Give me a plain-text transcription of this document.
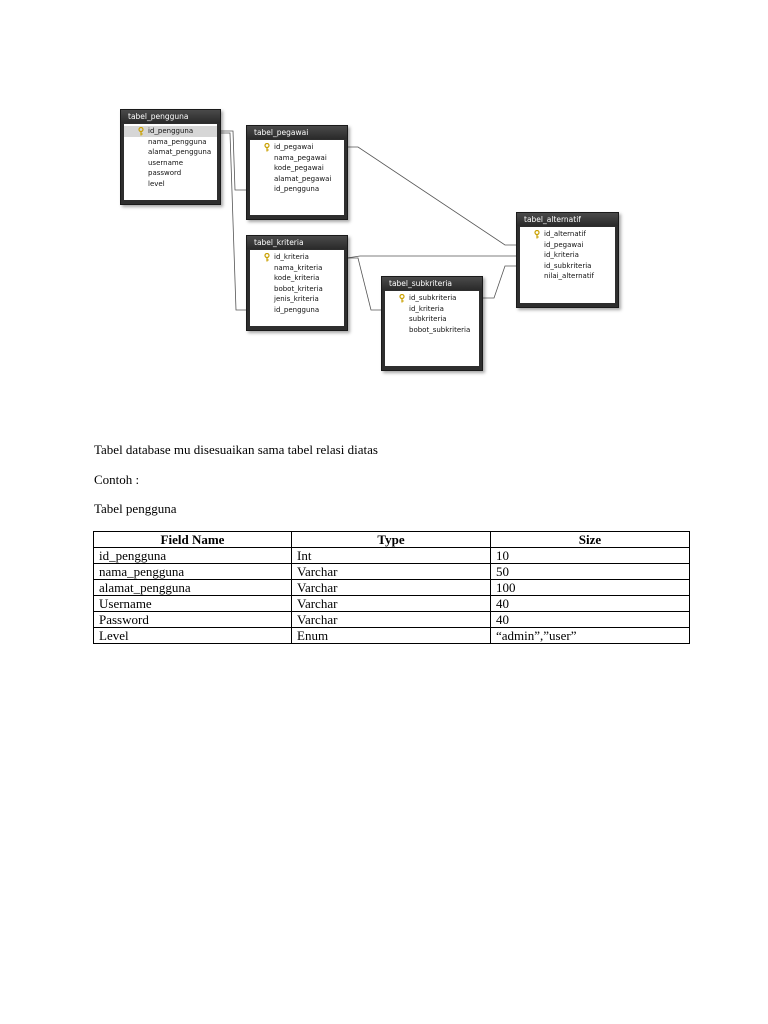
tabel_pengguna
id_pengguna
nama_pengguna
alamat_pengguna
username
password
level
tabel_pegawai
id_pegawai
nama_pegawai
kode_pegawai
alamat_pegawai
id_pengguna
tabel_kriteria
id_kriteria
nama_kriteria
kode_kriteria
bobot_kriteria
jenis_kriteria
id_pengguna
tabel_subkriteria
id_subkriteria
id_kriteria
subkriteria
bobot_subkriteria
tabel_alternatif
id_alternatif
id_pegawai
id_kriteria
id_subkriteria
nilai_alternatif
Tabel database mu disesuaikan sama tabel relasi diatas
Contoh :
Tabel pengguna
Field Name	Type	Size
id_pengguna	Int	10
nama_pengguna	Varchar	50
alamat_pengguna	Varchar	100
Username	Varchar	40
Password	Varchar	40
Level	Enum	“admin”,”user”
